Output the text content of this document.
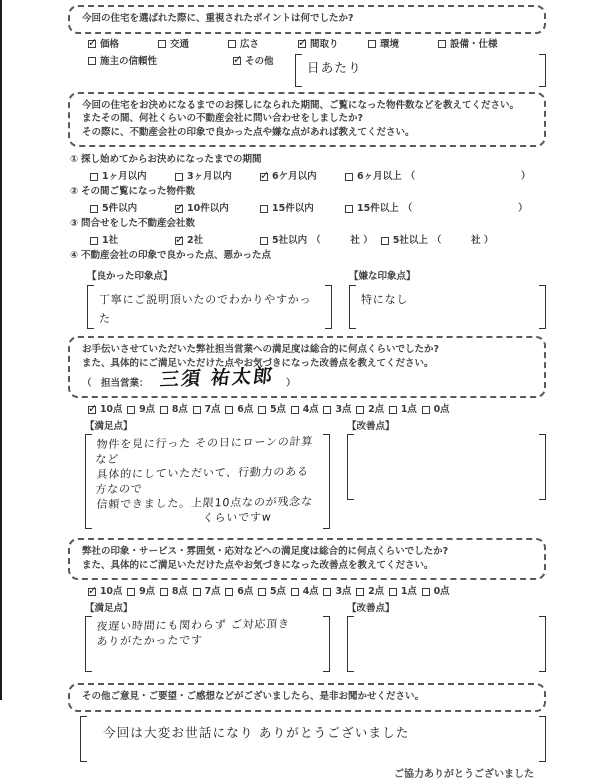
今回の住宅を選ばれた際に、重視されたポイントは何でしたか?
✓
価格	交通	広さ ✓	間取り	環境	設備・仕様
施主の信頼性 ✓	その他	日あたり
今回の住宅をお決めになるまでのお探しになられた期間、ご覧になった物件数などを教えてください。
またその間、何社くらいの不動産会社に問い合わせをしましたか?
その際に、不動産会社の印象で良かった点や嫌な点があれば教えてください。
① 探し始めてからお決めになったまでの期間
1ヶ月以内	3ヶ月以内 ✓	6ケ月以内	6ヶ月以上 （                                ）
② その間ご覧になった物件数
5件以内 ✓	10件以内	15件以内	15件以上 （                                ）
③ 問合せをした不動産会社数
1社 ✓	2社	5社以内 （         社 ） 5社以上 （         社 ）
④ 不動産会社の印象で良かった点、悪かった点
【良かった印象点】
丁寧にご説明頂いたのでわかりやすかった
【嫌な印象点】
特になし
お手伝いさせていただいた弊社担当営業への満足度は総合的に何点くらいでしたか?
また、具体的にご満足いただけた点やお気づきになった改善点を教えてください。
（　担当営業： 三須 祐太郎 ）
✓
10点 9点 8点 7点 6点 5点 4点 3点 2点 1点 0点
【満足点】	【改善点】
物件を見に行った その日にローンの計算など
具体的にしていただいて、行動力のある方なので
信頼できました。上限10点なのが残念な
くらいですw
弊社の印象・サービス・雰囲気・応対などへの満足度は総合的に何点くらいでしたか?
また、具体的にご満足いただけた点やお気づきになった改善点を教えてください。
✓
10点 9点 8点 7点 6点 5点 4点 3点 2点 1点 0点
【満足点】	【改善点】
夜遅い時間にも関わらず ご対応頂き
ありがたかったです
その他ご意見・ご要望・ご感想などがございましたら、是非お聞かせください。
今回は大変お世話になり ありがとうございました
ご協力ありがとうございました
